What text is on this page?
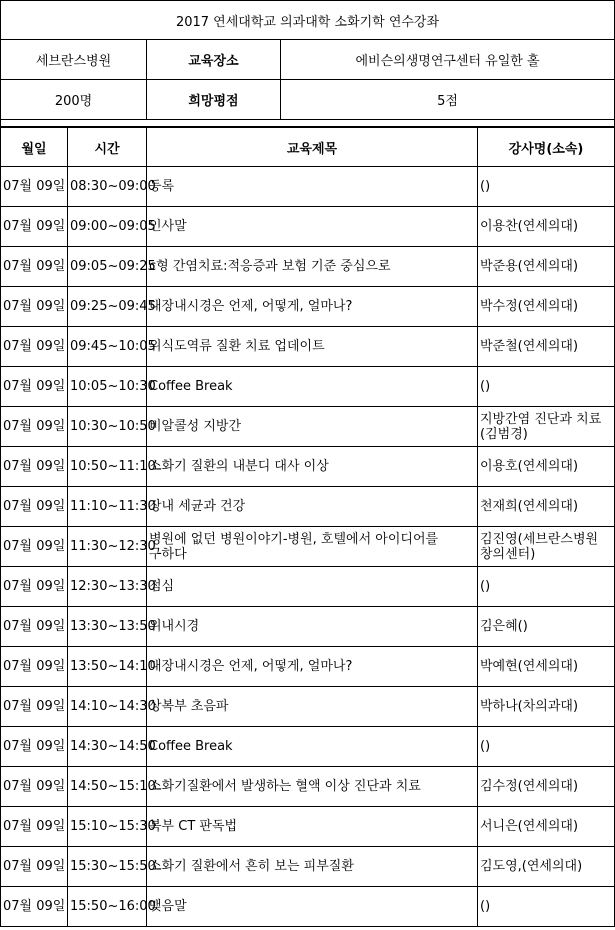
2017 연세대학교 의과대학 소화기학 연수강좌		
세브란스병원	교육장소	에비슨의생명연구센터 유일한 홀
200명	희망평점	5점

월일	시간	교육제목	강사명(소속)
07월 09일	08:30~09:00	등록	()
07월 09일	09:00~09:05	인사말	이용찬(연세의대)
07월 09일	09:05~09:25	c형 간염치료:적응증과 보험 기준 중심으로	박준용(연세의대)
07월 09일	09:25~09:45	대장내시경은 언제, 어떻게, 얼마나?	박수정(연세의대)
07월 09일	09:45~10:05	위식도역류 질환 치료 업데이트	박준철(연세의대)
07월 09일	10:05~10:30	Coffee Break	()
07월 09일	10:30~10:50	비알콜성 지방간	지방간염 진단과 치료(김범경)
07월 09일	10:50~11:10	소화기 질환의 내분디 대사 이상	이용호(연세의대)
07월 09일	11:10~11:30	장내 세균과 건강	천재희(연세의대)
07월 09일	11:30~12:30	병원에 없던 병원이야기-병원, 호텔에서 아이디어를 구하다	김진영(세브란스병원 창의센터)
07월 09일	12:30~13:30	점심	()
07월 09일	13:30~13:50	위내시경	김은혜()
07월 09일	13:50~14:10	대장내시경은 언제, 어떻게, 얼마나?	박예현(연세의대)
07월 09일	14:10~14:30	상복부 초음파	박하나(차의과대)
07월 09일	14:30~14:50	Coffee Break	()
07월 09일	14:50~15:10	소화기질환에서 발생하는 혈액 이상 진단과 치료	김수정(연세의대)
07월 09일	15:10~15:30	복부 CT 판독법	서니은(연세의대)
07월 09일	15:30~15:50	소화기 질환에서 흔히 보는 피부질환	김도영,(연세의대)
07월 09일	15:50~16:00	맺음말	()
